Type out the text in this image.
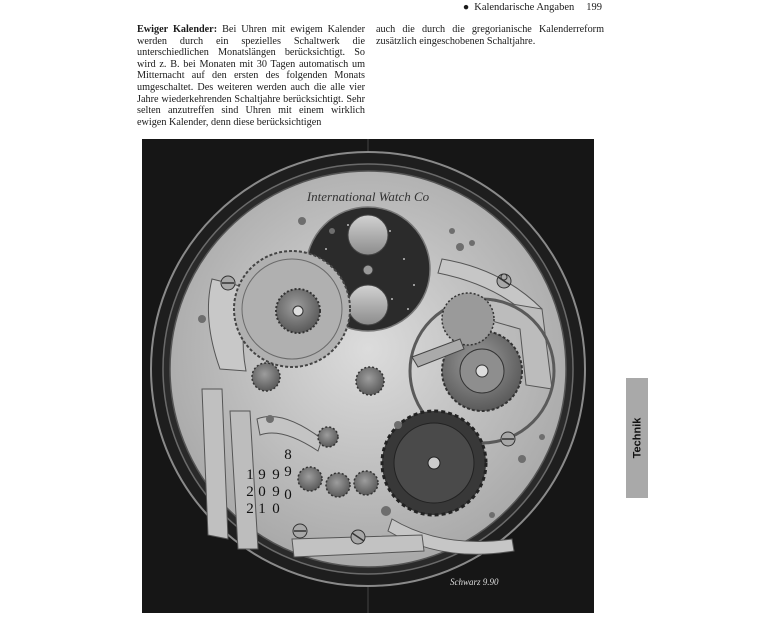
● Kalendarische Angaben 199
Ewiger Kalender: Bei Uhren mit ewigem Kalender werden durch ein spezielles Schaltwerk die unterschiedlichen Monatslängen berücksichtigt. So wird z. B. bei Monaten mit 30 Tagen automatisch um Mitternacht auf den ersten des folgenden Monats umgeschaltet. Des weiteren werden auch die alle vier Jahre wiederkehrenden Schaltjahre berücksichtigt. Sehr selten anzutreffen sind Uhren mit einem wirklich ewigen Kalender, denn diese berücksichtigen
auch die durch die gregorianische Kalenderreform zusätzlich eingeschobenen Schaltjahre.
International Watch Co
1
2
2
9
0
1
9
9
0
8
9
0
Schwarz 9.90
Technik
